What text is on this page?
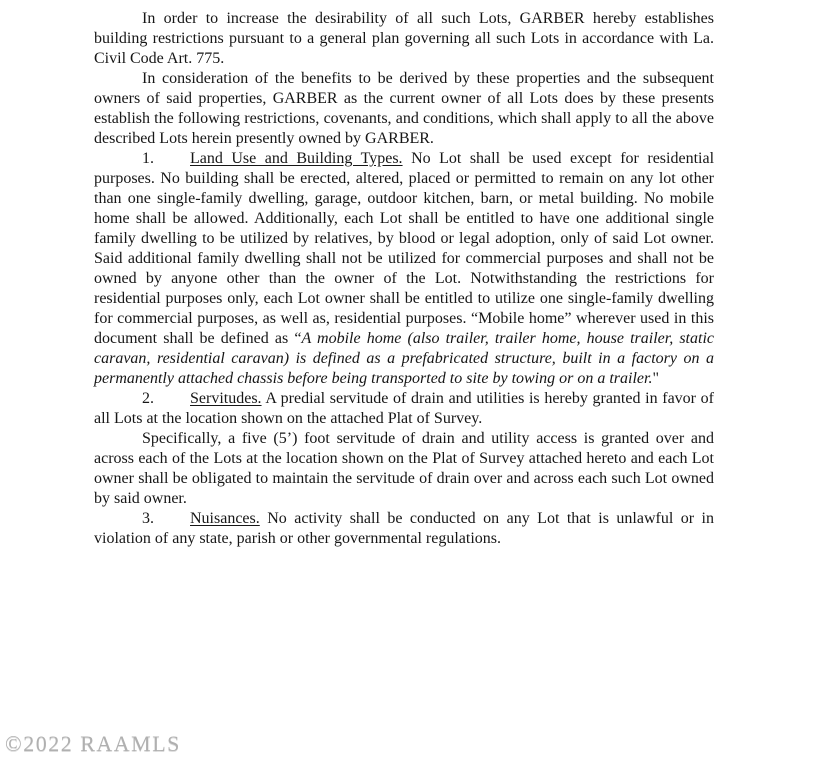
In order to increase the desirability of all such Lots, GARBER hereby establishes building restrictions pursuant to a general plan governing all such Lots in accordance with La. Civil Code Art. 775.

In consideration of the benefits to be derived by these properties and the subsequent owners of said properties, GARBER as the current owner of all Lots does by these presents establish the following restrictions, covenants, and conditions, which shall apply to all the above described Lots herein presently owned by GARBER.

1. Land Use and Building Types. No Lot shall be used except for residential purposes. No building shall be erected, altered, placed or permitted to remain on any lot other than one single-family dwelling, garage, outdoor kitchen, barn, or metal building. No mobile home shall be allowed. Additionally, each Lot shall be entitled to have one additional single family dwelling to be utilized by relatives, by blood or legal adoption, only of said Lot owner. Said additional family dwelling shall not be utilized for commercial purposes and shall not be owned by anyone other than the owner of the Lot. Notwithstanding the restrictions for residential purposes only, each Lot owner shall be entitled to utilize one single-family dwelling for commercial purposes, as well as, residential purposes. “Mobile home” wherever used in this document shall be defined as “A mobile home (also trailer, trailer home, house trailer, static caravan, residential caravan) is defined as a prefabricated structure, built in a factory on a permanently attached chassis before being transported to site by towing or on a trailer."

2. Servitudes. A predial servitude of drain and utilities is hereby granted in favor of all Lots at the location shown on the attached Plat of Survey.

Specifically, a five (5’) foot servitude of drain and utility access is granted over and across each of the Lots at the location shown on the Plat of Survey attached hereto and each Lot owner shall be obligated to maintain the servitude of drain over and across each such Lot owned by said owner.

3. Nuisances. No activity shall be conducted on any Lot that is unlawful or in violation of any state, parish or other governmental regulations.

©2022 RAAMLS
